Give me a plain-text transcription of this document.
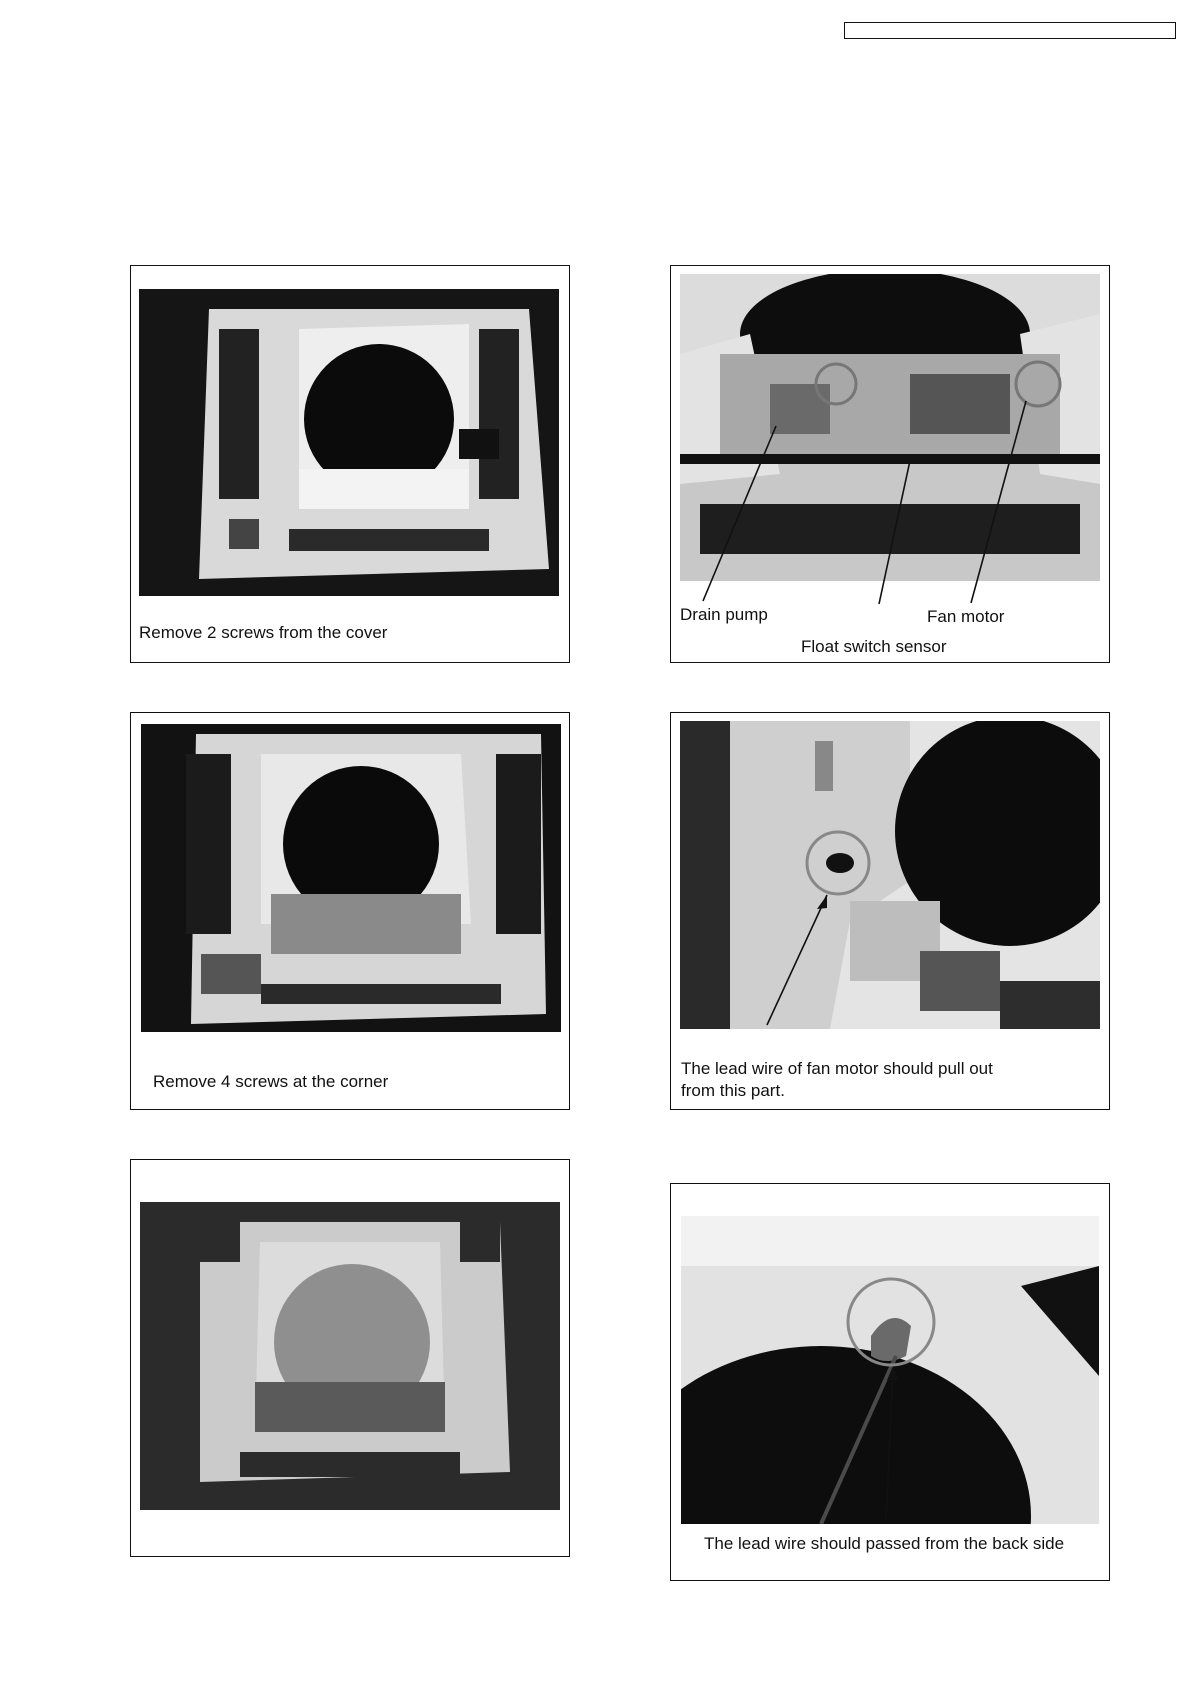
Remove 2 screws from the cover
Drain pump	Fan motor
Float switch sensor
Remove 4 screws at the corner
The lead wire of fan motor should pull out
from this part.
The lead wire should passed from the back side
